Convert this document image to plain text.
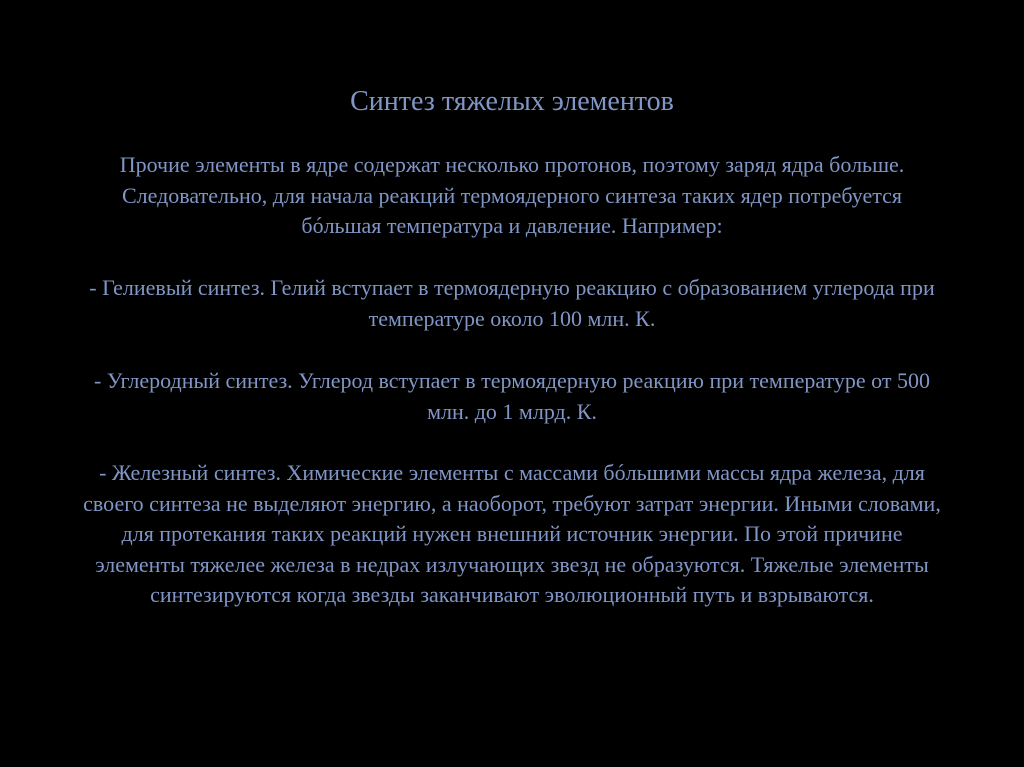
Синтез тяжелых элементов

Прочие элементы в ядре содержат несколько протонов, поэтому заряд ядра больше.
Следовательно, для начала реакций термоядерного синтеза таких ядер потребуется
бóльшая температура и давление. Например:

- Гелиевый синтез. Гелий вступает в термоядерную реакцию с образованием углерода при
температуре около 100 млн. К.

- Углеродный синтез. Углерод вступает в термоядерную реакцию при температуре от 500
млн. до 1 млрд. К.

- Железный синтез. Химические элементы с массами бóльшими массы ядра железа, для
своего синтеза не выделяют энергию, а наоборот, требуют затрат энергии. Иными словами,
для протекания таких реакций нужен внешний источник энергии. По этой причине
элементы тяжелее железа в недрах излучающих звезд не образуются. Тяжелые элементы
синтезируются когда звезды заканчивают эволюционный путь и взрываются.
